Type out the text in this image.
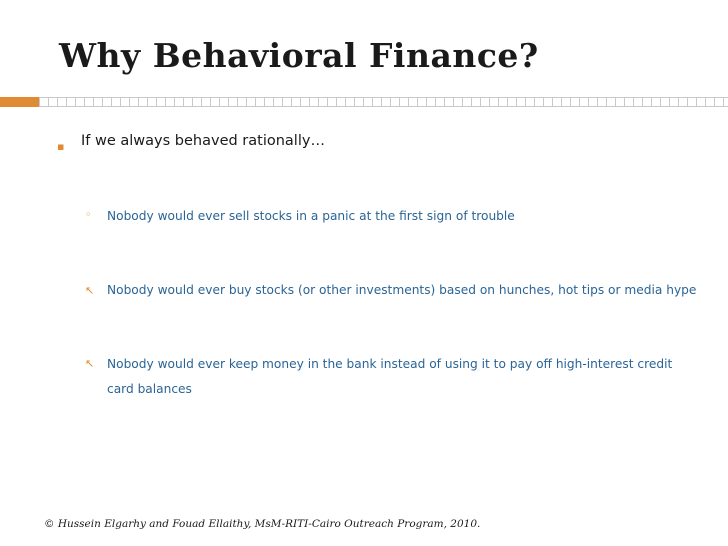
Why Behavioral Finance?
▪ If we always behaved rationally…
◦ Nobody would ever sell stocks in a panic at the first sign of trouble
↖ Nobody would ever buy stocks (or other investments) based on hunches, hot tips or media hype
↖ Nobody would ever keep money in the bank instead of using it to pay off high-interest credit
card balances
© Hussein Elgarhy and Fouad Ellaithy, MsM-RITI-Cairo Outreach Program, 2010.
